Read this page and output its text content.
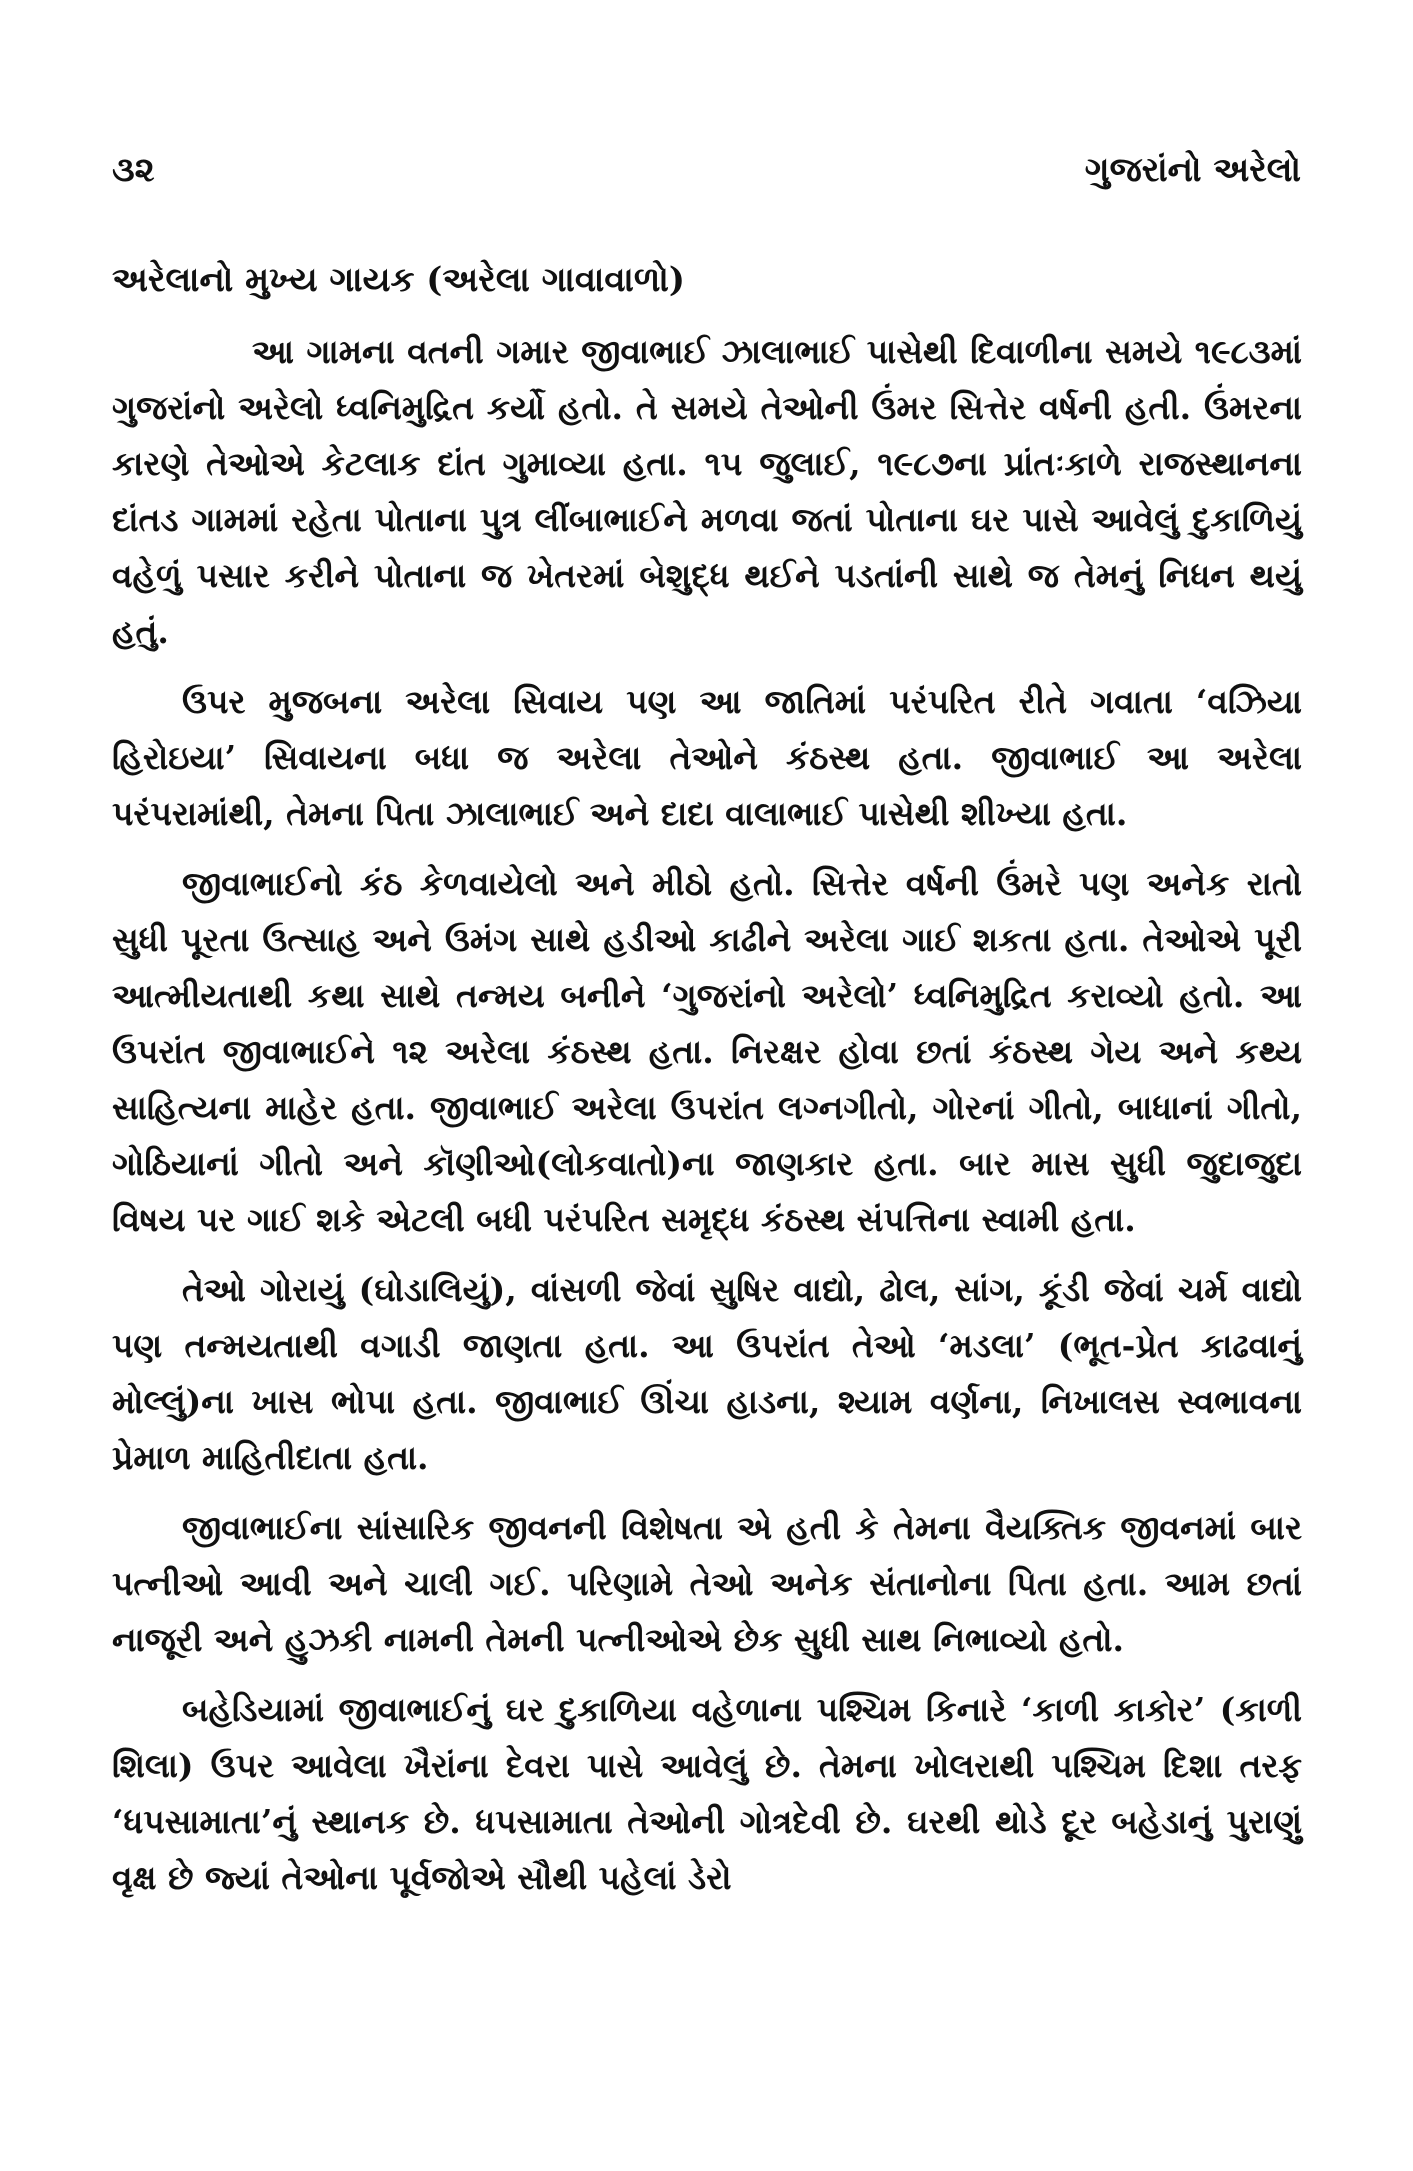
૩૨	ગુજરાંનો અરેલો
અરેલાનો મુખ્ય ગાયક (અરેલા ગાવાવાળો)

આ ગામના વતની ગમાર જીવાભાઈ ઝાલાભાઈ પાસેથી દિવાળીના સમયે ૧૯૮૩માં ગુજરાંનો અરેલો ધ્વનિમુદ્રિત કર્યો હતો. તે સમયે તેઓની ઉંમર સિત્તેર વર્ષની હતી. ઉંમરના કારણે તેઓએ કેટલાક દાંત ગુમાવ્યા હતા. ૧૫ જુલાઈ, ૧૯૮૭ના પ્રાંતઃકાળે રાજસ્થાનના દાંતડ ગામમાં રહેતા પોતાના પુત્ર લીંબાભાઈને મળવા જતાં પોતાના ઘર પાસે આવેલું દુકાળિયું વહેળું પસાર કરીને પોતાના જ ખેતરમાં બેશુદ્ધ થઈને પડતાંની સાથે જ તેમનું નિધન થયું હતું.

ઉપર મુજબના અરેલા સિવાય પણ આ જાતિમાં પરંપરિત રીતે ગવાતા ‘વઝિયા હિરોઇયા’ સિવાયના બધા જ અરેલા તેઓને કંઠસ્થ હતા. જીવાભાઈ આ અરેલા પરંપરામાંથી, તેમના પિતા ઝાલાભાઈ અને દાદા વાલાભાઈ પાસેથી શીખ્યા હતા.

જીવાભાઈનો કંઠ કેળવાયેલો અને મીઠો હતો. સિત્તેર વર્ષની ઉંમરે પણ અનેક રાતો સુધી પૂરતા ઉત્સાહ અને ઉમંગ સાથે હડીઓ કાઢીને અરેલા ગાઈ શકતા હતા. તેઓએ પૂરી આત્મીયતાથી કથા સાથે તન્મય બનીને ‘ગુજરાંનો અરેલો’ ધ્વનિમુદ્રિત કરાવ્યો હતો. આ ઉપરાંત જીવાભાઈને ૧૨ અરેલા કંઠસ્થ હતા. નિરક્ષર હોવા છતાં કંઠસ્થ ગેય અને કથ્ય સાહિત્યના માહેર હતા. જીવાભાઈ અરેલા ઉપરાંત લગ્નગીતો, ગોરનાં ગીતો, બાધાનાં ગીતો, ગોઠિયાનાં ગીતો અને કૉણીઓ(લોકવાતો)ના જાણકાર હતા. બાર માસ સુધી જુદાજુદા વિષય પર ગાઈ શકે એટલી બધી પરંપરિત સમૃદ્ધ કંઠસ્થ સંપત્તિના સ્વામી હતા.

તેઓ ગોરાયું (ઘોડાલિયું), વાંસળી જેવાં સુષિર વાદ્યો, ઢોલ, સાંગ, કૂંડી જેવાં ચર્મ વાદ્યો પણ તન્મયતાથી વગાડી જાણતા હતા. આ ઉપરાંત તેઓ ‘મડલા’ (ભૂત-પ્રેત કાઢવાનું મોલ્લું)ના ખાસ ભોપા હતા. જીવાભાઈ ઊંચા હાડના, શ્યામ વર્ણના, નિખાલસ સ્વભાવના પ્રેમાળ માહિતીદાતા હતા.

જીવાભાઈના સાંસારિક જીવનની વિશેષતા એ હતી કે તેમના વૈયક્તિક જીવનમાં બાર પત્નીઓ આવી અને ચાલી ગઈ. પરિણામે તેઓ અનેક સંતાનોના પિતા હતા. આમ છતાં નાજૂરી અને હુઝકી નામની તેમની પત્નીઓએ છેક સુધી સાથ નિભાવ્યો હતો.

બહેડિયામાં જીવાભાઈનું ઘર દુકાળિયા વહેળાના પશ્ચિમ કિનારે ‘કાળી કાકોર’ (કાળી શિલા) ઉપર આવેલા ખૈરાંના દેવરા પાસે આવેલું છે. તેમના ખોલરાથી પશ્ચિમ દિશા તરફ ‘ધપસામાતા’નું સ્થાનક છે. ધપસામાતા તેઓની ગોત્રદેવી છે. ઘરથી થોડે દૂર બહેડાનું પુરાણું વૃક્ષ છે જ્યાં તેઓના પૂર્વજોએ સૌથી પહેલાં ડેરો
